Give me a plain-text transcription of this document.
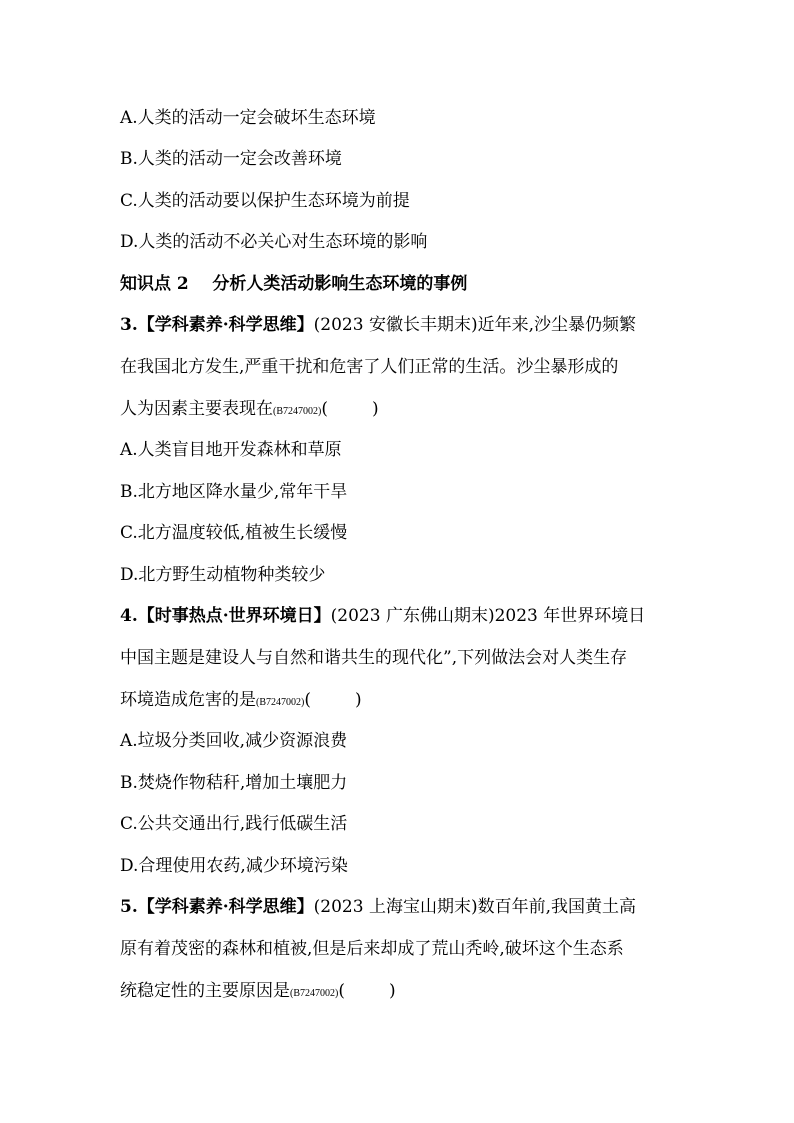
A.人类的活动一定会破坏生态环境
B.人类的活动一定会改善环境
C.人类的活动要以保护生态环境为前提
D.人类的活动不必关心对生态环境的影响
知识点 2    分析人类活动影响生态环境的事例
3.【学科素养·科学思维】(2023 安徽长丰期末)近年来,沙尘暴仍频繁
在我国北方发生,严重干扰和危害了人们正常的生活。沙尘暴形成的
人为因素主要表现在(B7247002)(	)
A.人类盲目地开发森林和草原
B.北方地区降水量少,常年干旱
C.北方温度较低,植被生长缓慢
D.北方野生动植物种类较少
4.【时事热点·世界环境日】(2023 广东佛山期末)2023 年世界环境日
中国主题是建设人与自然和谐共生的现代化”,下列做法会对人类生存
环境造成危害的是(B7247002)(	)
A.垃圾分类回收,减少资源浪费
B.焚烧作物秸秆,增加土壤肥力
C.公共交通出行,践行低碳生活
D.合理使用农药,减少环境污染
5.【学科素养·科学思维】(2023 上海宝山期末)数百年前,我国黄土高
原有着茂密的森林和植被,但是后来却成了荒山秃岭,破坏这个生态系
统稳定性的主要原因是(B7247002)(	)
